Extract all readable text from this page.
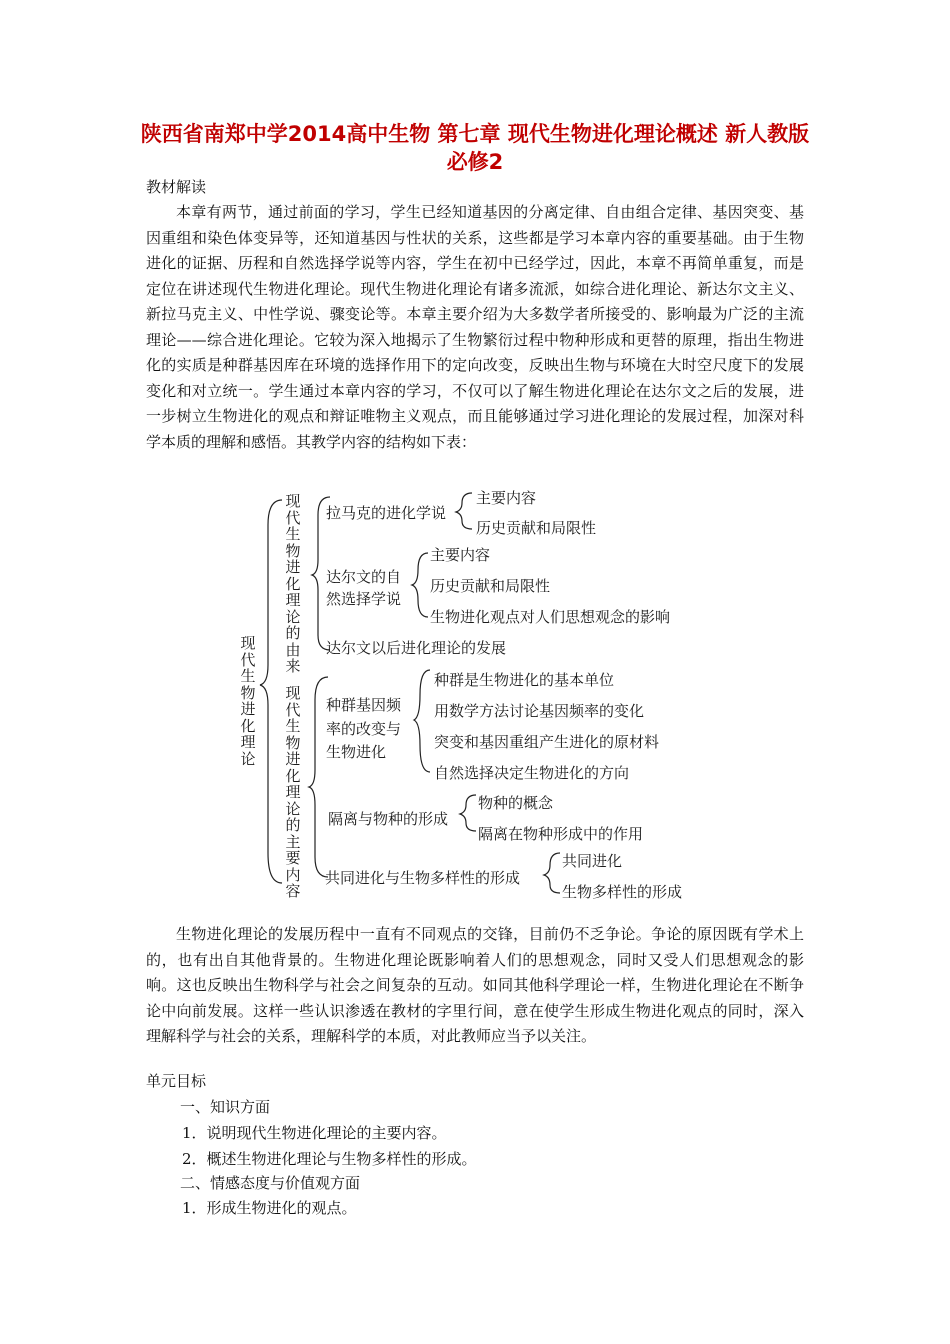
陕西省南郑中学2014高中生物 第七章 现代生物进化理论概述 新人教版必修2
教材解读
本章有两节，通过前面的学习，学生已经知道基因的分离定律、自由组合定律、基因突变、基因重组和染色体变异等，还知道基因与性状的关系，这些都是学习本章内容的重要基础。由于生物进化的证据、历程和自然选择学说等内容，学生在初中已经学过，因此，本章不再简单重复，而是定位在讲述现代生物进化理论。现代生物进化理论有诸多流派，如综合进化理论、新达尔文主义、新拉马克主义、中性学说、骤变论等。本章主要介绍为大多数学者所接受的、影响最为广泛的主流理论——综合进化理论。它较为深入地揭示了生物繁衍过程中物种形成和更替的原理，指出生物进化的实质是种群基因库在环境的选择作用下的定向改变，反映出生物与环境在大时空尺度下的发展变化和对立统一。学生通过本章内容的学习，不仅可以了解生物进化理论在达尔文之后的发展，进一步树立生物进化的观点和辩证唯物主义观点，而且能够通过学习进化理论的发展过程，加深对科学本质的理解和感悟。其教学内容的结构如下表：
现代生物进化理论
现代生物进化理论的由来
现代生物进化理论的主要内容
拉马克的进化学说
主要内容
历史贡献和局限性
达尔文的自
然选择学说
主要内容
历史贡献和局限性
生物进化观点对人们思想观念的影响
达尔文以后进化理论的发展
种群基因频
率的改变与
生物进化
种群是生物进化的基本单位
用数学方法讨论基因频率的变化
突变和基因重组产生进化的原材料
自然选择决定生物进化的方向
隔离与物种的形成
物种的概念
隔离在物种形成中的作用
共同进化与生物多样性的形成
共同进化
生物多样性的形成
生物进化理论的发展历程中一直有不同观点的交锋，目前仍不乏争论。争论的原因既有学术上的，也有出自其他背景的。生物进化理论既影响着人们的思想观念，同时又受人们思想观念的影响。这也反映出生物科学与社会之间复杂的互动。如同其他科学理论一样，生物进化理论在不断争论中向前发展。这样一些认识渗透在教材的字里行间，意在使学生形成生物进化观点的同时，深入理解科学与社会的关系，理解科学的本质，对此教师应当予以关注。
单元目标
一、知识方面
1．说明现代生物进化理论的主要内容。
2．概述生物进化理论与生物多样性的形成。
二、情感态度与价值观方面
1．形成生物进化的观点。
